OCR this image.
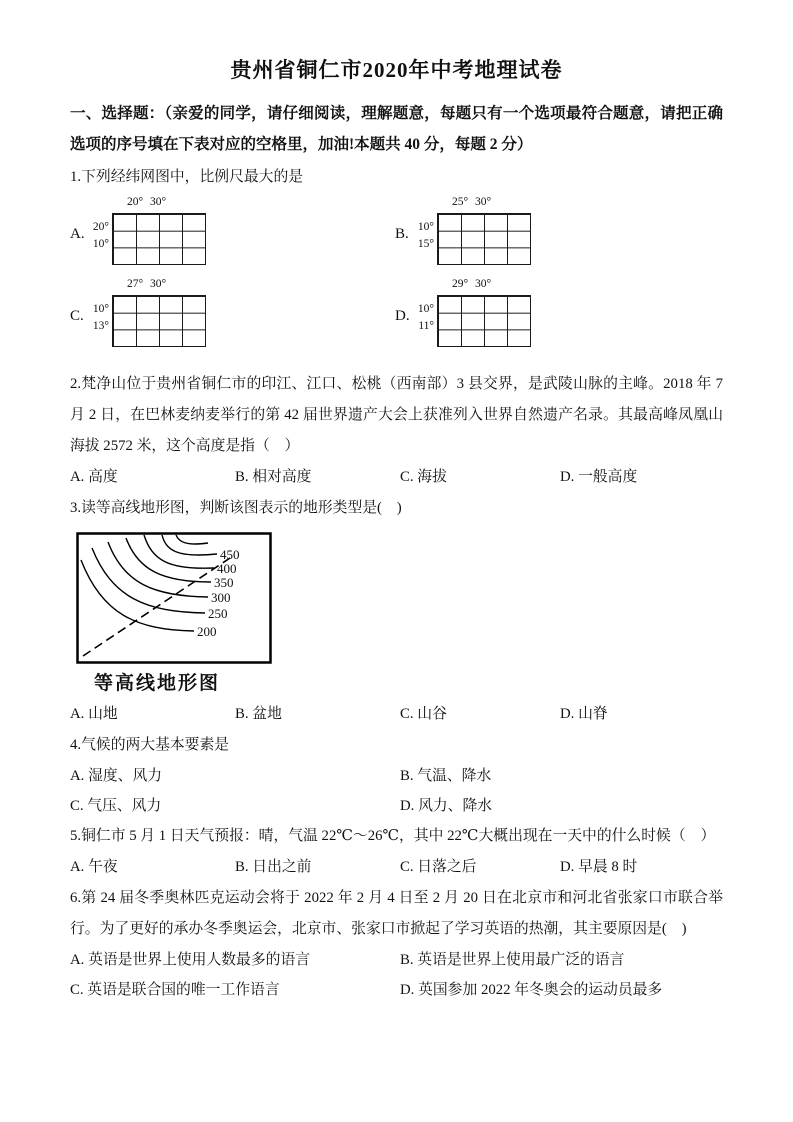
贵州省铜仁市2020年中考地理试卷

一、选择题：（亲爱的同学，请仔细阅读，理解题意，每题只有一个选项最符合题意，请把正确选项的序号填在下表对应的空格里，加油!本题共 40 分，每题 2 分）

1.下列经纬网图中，比例尺最大的是

A.
20° 30°
20°
10°
B.
25° 30°
10°
15°
C.
27° 30°
10°
13°
D.
29° 30°
10°
11°

2.梵净山位于贵州省铜仁市的印江、江口、松桃（西南部）3 县交界，是武陵山脉的主峰。2018 年 7 月 2 日，在巴林麦纳麦举行的第 42 届世界遗产大会上获准列入世界自然遗产名录。其最高峰凤凰山海拔 2572 米，这个高度是指（　）

A. 高度	B. 相对高度	C. 海拔	D. 一般高度

3.读等高线地形图，判断该图表示的地形类型是(　)

450
400
350
300
250
200

等高线地形图

A. 山地	B. 盆地	C. 山谷	D. 山脊

4.气候的两大基本要素是

A. 湿度、风力	B. 气温、降水
C. 气压、风力	D. 风力、降水

5.铜仁市 5 月 1 日天气预报：晴，气温 22℃～26℃，其中 22℃大概出现在一天中的什么时候（　）

A. 午夜	B. 日出之前	C. 日落之后	D. 早晨 8 时

6.第 24 届冬季奥林匹克运动会将于 2022 年 2 月 4 日至 2 月 20 日在北京市和河北省张家口市联合举行。为了更好的承办冬季奥运会，北京市、张家口市掀起了学习英语的热潮，其主要原因是(　)

A. 英语是世界上使用人数最多的语言	B. 英语是世界上使用最广泛的语言
C. 英语是联合国的唯一工作语言	D. 英国参加 2022 年冬奥会的运动员最多
